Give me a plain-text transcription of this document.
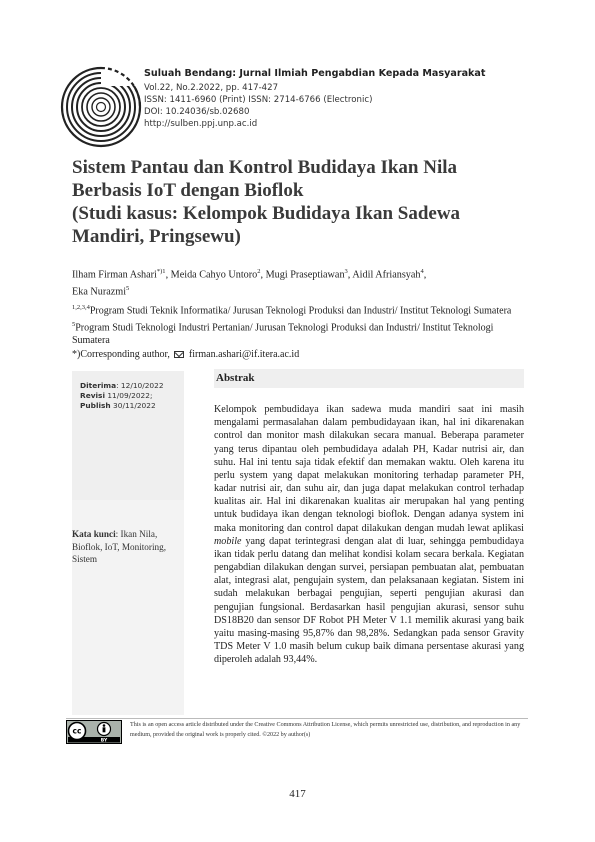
Suluah Bendang: Jurnal Ilmiah Pengabdian Kepada Masyarakat
Vol.22, No.2.2022, pp. 417-427
ISSN: 1411-6960 (Print) ISSN: 2714-6766 (Electronic)
DOI: 10.24036/sb.02680
http://sulben.ppj.unp.ac.id
Sistem Pantau dan Kontrol Budidaya Ikan Nila
Berbasis IoT dengan Bioflok
(Studi kasus: Kelompok Budidaya Ikan Sadewa
Mandiri, Pringsewu)
Ilham Firman Ashari$^{*)1}$, Meida Cahyo Untoro$^2$, Mugi Praseptiawan$^3$, Aidil Afriansyah$^4$,
Eka Nurazmi$^5$
$^{1,2,3,4}$Program Studi Teknik Informatika/ Jurusan Teknologi Produksi dan Industri/ Institut Teknologi Sumatera
$^5$Program Studi Teknologi Industri Pertanian/ Jurusan Teknologi Produksi dan Industri/ Institut Teknologi Sumatera
*)Corresponding author,  firman.ashari@if.itera.ac.id
Diterima: 12/10/2022
Revisi 11/09/2022;
Publish 30/11/2022
Kata kunci: Ikan Nila, Bioflok, IoT, Monitoring, Sistem
Abstrak

Kelompok pembudidaya ikan sadewa muda mandiri saat ini masih mengalami permasalahan dalam pembudidayaan ikan, hal ini dikarenakan control dan monitor mash dilakukan secara manual. Beberapa parameter yang terus dipantau oleh pembudidaya adalah PH, Kadar nutrisi air, dan suhu. Hal ini tentu saja tidak efektif dan memakan waktu. Oleh karena itu perlu system yang dapat melakukan monitoring terhadap parameter PH, kadar nutrisi air, dan suhu air, dan juga dapat melakukan control terhadap kualitas air. Hal ini dikarenakan kualitas air merupakan hal yang penting untuk budidaya ikan dengan teknologi bioflok. Dengan adanya system ini maka monitoring dan control dapat dilakukan dengan mudah lewat aplikasi mobile yang dapat terintegrasi dengan alat di luar, sehingga pembudidaya ikan tidak perlu datang dan melihat kondisi kolam secara berkala. Kegiatan pengabdian dilakukan dengan survei, persiapan pembuatan alat, pembuatan alat, integrasi alat, pengujain system, dan pelaksanaan kegiatan. Sistem ini sudah melakukan berbagai pengujian, seperti pengujian akurasi dan pengujian fungsional. Berdasarkan hasil pengujian akurasi, sensor suhu DS18B20 dan sensor DF Robot PH Meter V 1.1 memilik akurasi yang baik yaitu masing-masing 95,87% dan 98,28%. Sedangkan pada sensor Gravity TDS Meter V 1.0 masih belum cukup baik dimana persentase akurasi yang diperoleh adalah 93,44%.

cc
BY
This is an open access article distributed under the Creative Commons Attribution License, which permits unrestricted use, distribution, and reproduction in any medium, provided the original work is properly cited. ©2022 by author(s)
417
